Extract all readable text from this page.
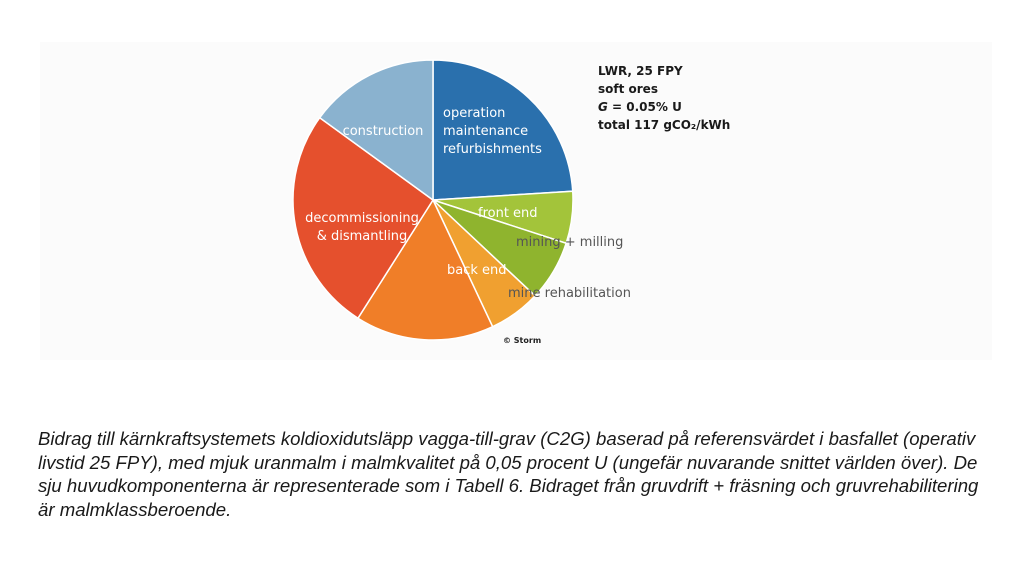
operation maintenance refurbishments
front end
mining + milling
mine rehabilitation
back end
decommissioning & dismantling
construction
LWR, 25 FPY
soft ores
G = 0.05% U
total 117 gCO₂/kWh
© Storm

Bidrag till kärnkraftsystemets koldioxidutsläpp vagga-till-grav (C2G) baserad på referensvärdet i basfallet (operativ livstid 25 FPY), med mjuk uranmalm i malmkvalitet på 0,05 procent U (ungefär nuvarande snittet världen över). De sju huvudkomponenterna är representerade som i Tabell 6. Bidraget från gruvdrift + fräsning och gruvrehabilitering är malmklassberoende.
